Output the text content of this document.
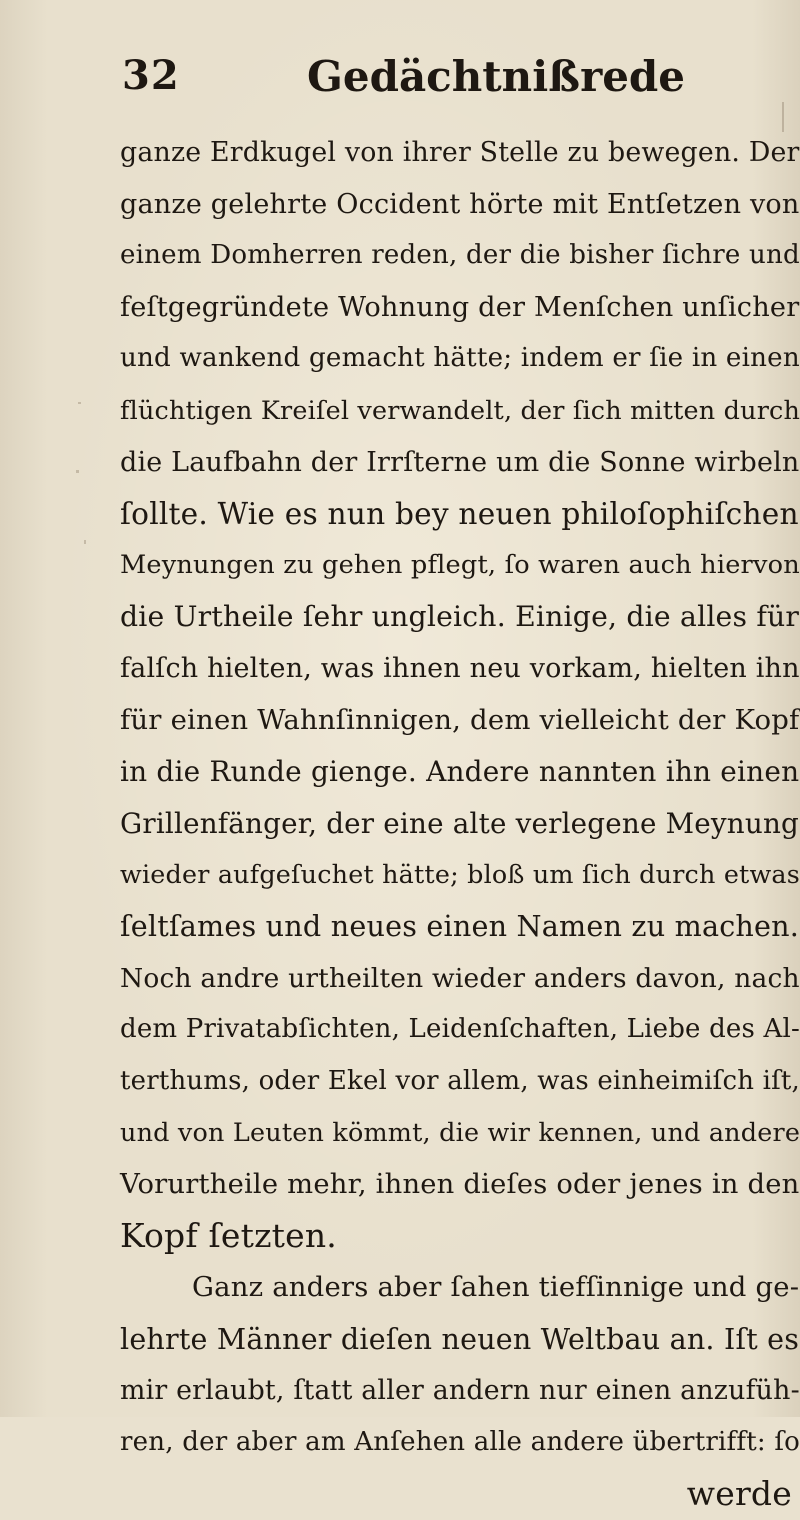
32	Gedächtnißrede
ganze Erdkugel von ihrer Stelle zu bewegen. Der
ganze gelehrte Occident hörte mit Entſetzen von
einem Domherren reden, der die bisher ſichre und
feſtgegründete Wohnung der Menſchen unſicher
und wankend gemacht hätte; indem er ſie in einen
flüchtigen Kreiſel verwandelt, der ſich mitten durch
die Laufbahn der Irrſterne um die Sonne wirbeln
ſollte. Wie es nun bey neuen philoſophiſchen
Meynungen zu gehen pflegt, ſo waren auch hiervon
die Urtheile ſehr ungleich. Einige, die alles für
falſch hielten, was ihnen neu vorkam, hielten ihn
für einen Wahnſinnigen, dem vielleicht der Kopf
in die Runde gienge. Andere nannten ihn einen
Grillenfänger, der eine alte verlegene Meynung
wieder aufgeſuchet hätte; bloß um ſich durch etwas
ſeltſames und neues einen Namen zu machen.
Noch andre urtheilten wieder anders davon, nach
dem Privatabſichten, Leidenſchaften, Liebe des Al-
terthums, oder Ekel vor allem, was einheimiſch iſt,
und von Leuten kömmt, die wir kennen, und andere
Vorurtheile mehr, ihnen dieſes oder jenes in den
Kopf ſetzten.
Ganz anders aber ſahen tiefſinnige und ge-
lehrte Männer dieſen neuen Weltbau an. Iſt es
mir erlaubt, ſtatt aller andern nur einen anzufüh-
ren, der aber am Anſehen alle andere übertrifft: ſo
werde
